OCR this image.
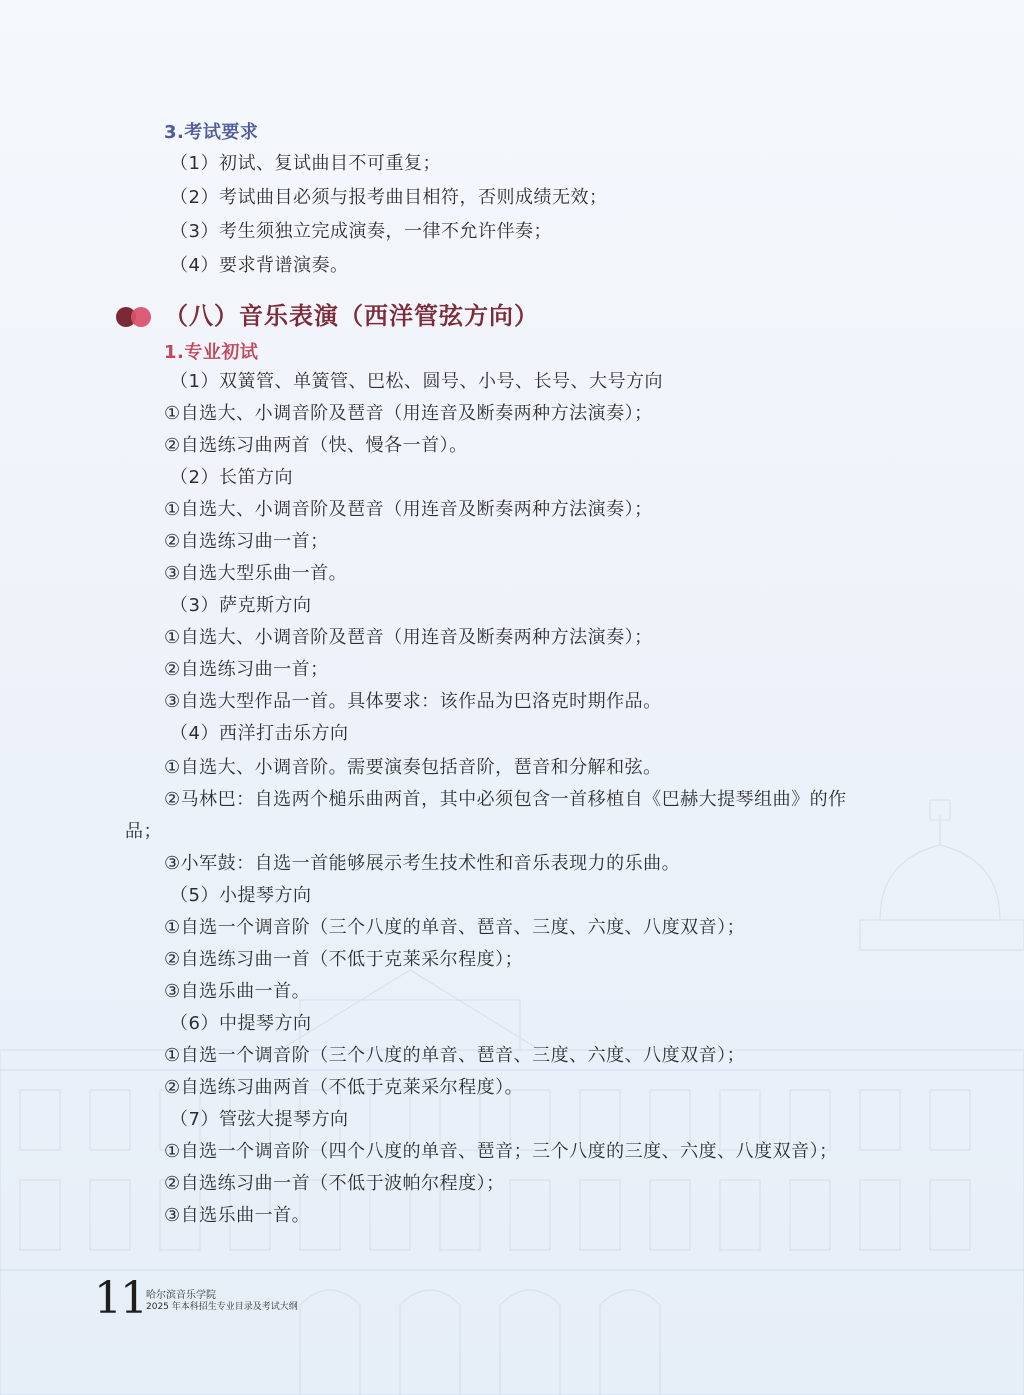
3.考试要求
（1）初试、复试曲目不可重复；
（2）考试曲目必须与报考曲目相符，否则成绩无效；
（3）考生须独立完成演奏，一律不允许伴奏；
（4）要求背谱演奏。
（八）音乐表演（西洋管弦方向）
1.专业初试
（1）双簧管、单簧管、巴松、圆号、小号、长号、大号方向
①自选大、小调音阶及琶音（用连音及断奏两种方法演奏）；
②自选练习曲两首（快、慢各一首）。
（2）长笛方向
①自选大、小调音阶及琶音（用连音及断奏两种方法演奏）；
②自选练习曲一首；
③自选大型乐曲一首。
（3）萨克斯方向
①自选大、小调音阶及琶音（用连音及断奏两种方法演奏）；
②自选练习曲一首；
③自选大型作品一首。具体要求：该作品为巴洛克时期作品。
（4）西洋打击乐方向
①自选大、小调音阶。需要演奏包括音阶，琶音和分解和弦。
②马林巴：自选两个槌乐曲两首，其中必须包含一首移植自《巴赫大提琴组曲》的作
品；
③小军鼓：自选一首能够展示考生技术性和音乐表现力的乐曲。
（5）小提琴方向
①自选一个调音阶（三个八度的单音、琶音、三度、六度、八度双音）；
②自选练习曲一首（不低于克莱采尔程度）；
③自选乐曲一首。
（6）中提琴方向
①自选一个调音阶（三个八度的单音、琶音、三度、六度、八度双音）；
②自选练习曲两首（不低于克莱采尔程度）。
（7）管弦大提琴方向
①自选一个调音阶（四个八度的单音、琶音；三个八度的三度、六度、八度双音）；
②自选练习曲一首（不低于波帕尔程度）；
③自选乐曲一首。
11 哈尔滨音乐学院
2025 年本科招生专业目录及考试大纲
